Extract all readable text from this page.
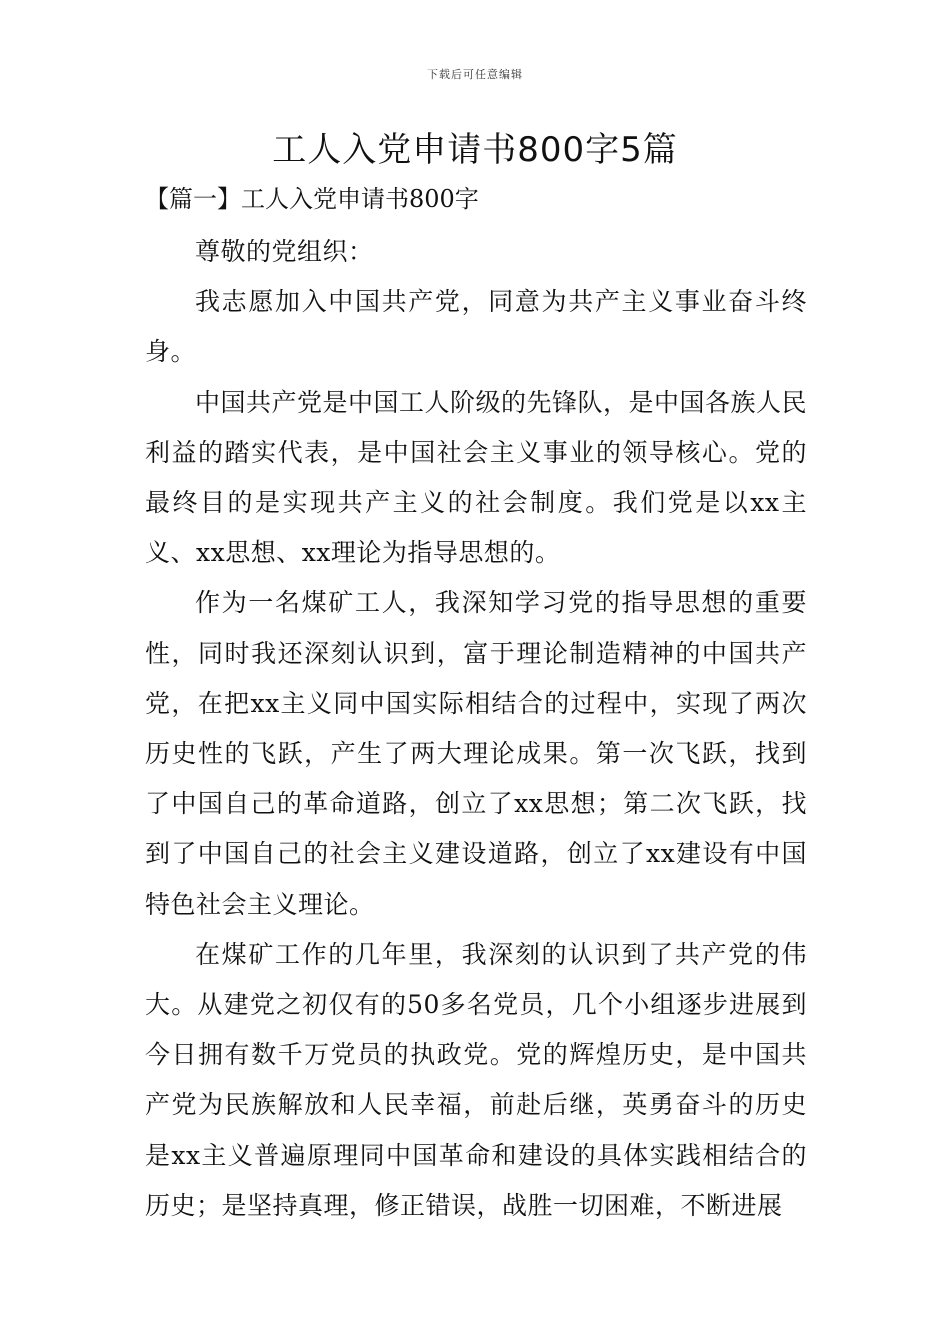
下载后可任意编辑
工人入党申请书800字5篇
【篇一】工人入党申请书800字

尊敬的党组织：

我志愿加入中国共产党，同意为共产主义事业奋斗终身。

中国共产党是中国工人阶级的先锋队，是中国各族人民利益的踏实代表，是中国社会主义事业的领导核心。党的最终目的是实现共产主义的社会制度。我们党是以xx主义、xx思想、xx理论为指导思想的。

作为一名煤矿工人，我深知学习党的指导思想的重要性，同时我还深刻认识到，富于理论制造精神的中国共产党，在把xx主义同中国实际相结合的过程中，实现了两次历史性的飞跃，产生了两大理论成果。第一次飞跃，找到了中国自己的革命道路，创立了xx思想；第二次飞跃，找到了中国自己的社会主义建设道路，创立了xx建设有中国特色社会主义理论。

在煤矿工作的几年里，我深刻的认识到了共产党的伟大。从建党之初仅有的50多名党员，几个小组逐步进展到今日拥有数千万党员的执政党。党的辉煌历史，是中国共产党为民族解放和人民幸福，前赴后继，英勇奋斗的历史是xx主义普遍原理同中国革命和建设的具体实践相结合的历史；是坚持真理，修正错误，战胜一切困难，不断进展
